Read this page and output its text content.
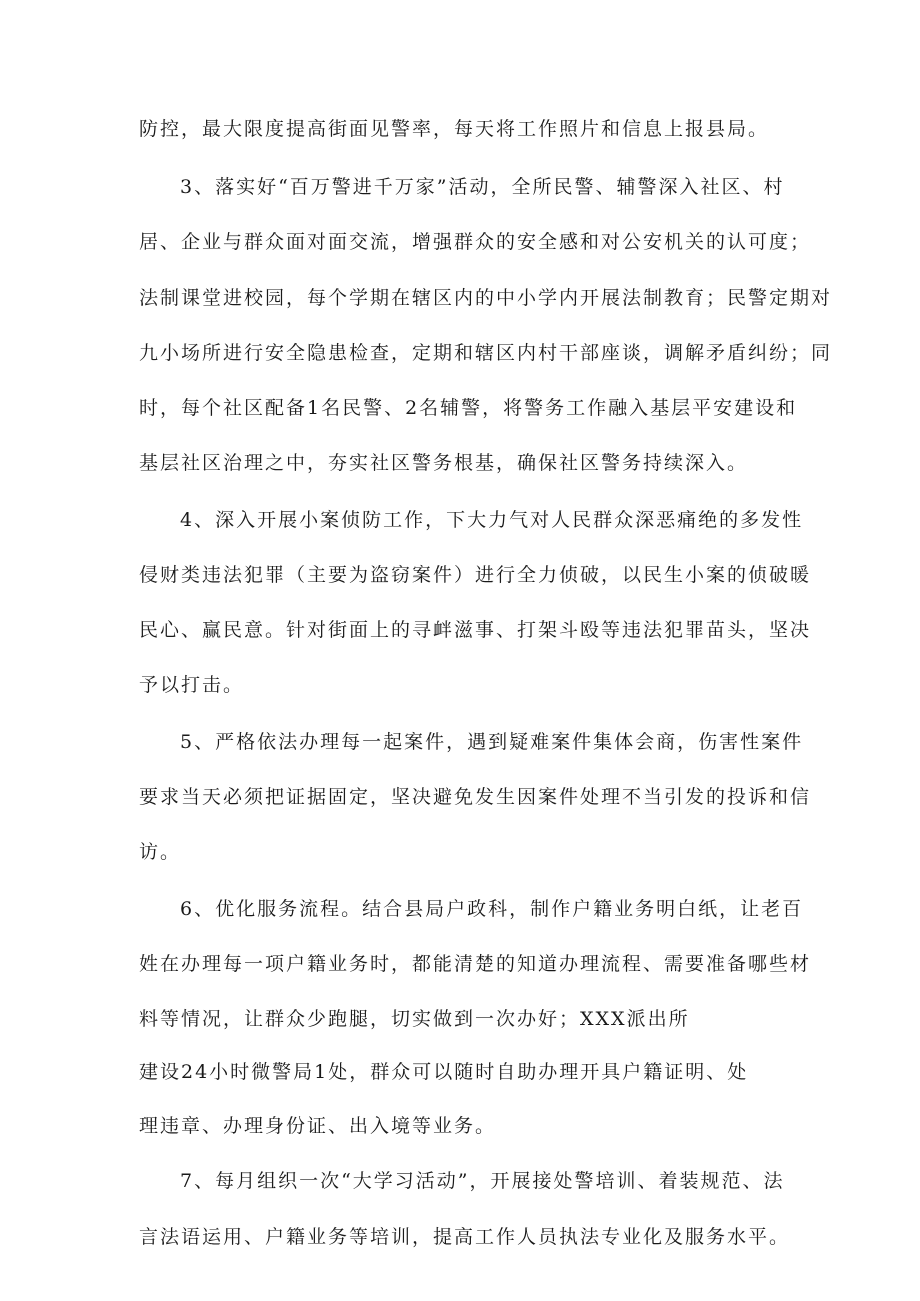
防控，最大限度提高街面见警率，每天将工作照片和信息上报县局。
3、落实好“百万警进千万家”活动，全所民警、辅警深入社区、村
居、企业与群众面对面交流，增强群众的安全感和对公安机关的认可度；
法制课堂进校园，每个学期在辖区内的中小学内开展法制教育；民警定期对
九小场所进行安全隐患检查，定期和辖区内村干部座谈，调解矛盾纠纷；同
时，每个社区配备1名民警、2名辅警，将警务工作融入基层平安建设和
基层社区治理之中，夯实社区警务根基，确保社区警务持续深入。
4、深入开展小案侦防工作，下大力气对人民群众深恶痛绝的多发性
侵财类违法犯罪（主要为盗窃案件）进行全力侦破，以民生小案的侦破暖
民心、赢民意。针对街面上的寻衅滋事、打架斗殴等违法犯罪苗头，坚决
予以打击。
5、严格依法办理每一起案件，遇到疑难案件集体会商，伤害性案件
要求当天必须把证据固定，坚决避免发生因案件处理不当引发的投诉和信
访。
6、优化服务流程。结合县局户政科，制作户籍业务明白纸，让老百
姓在办理每一项户籍业务时，都能清楚的知道办理流程、需要准备哪些材
料等情况，让群众少跑腿，切实做到一次办好；XXX派出所
建设24小时微警局1处，群众可以随时自助办理开具户籍证明、处
理违章、办理身份证、出入境等业务。
7、每月组织一次“大学习活动”，开展接处警培训、着装规范、法
言法语运用、户籍业务等培训，提高工作人员执法专业化及服务水平。
